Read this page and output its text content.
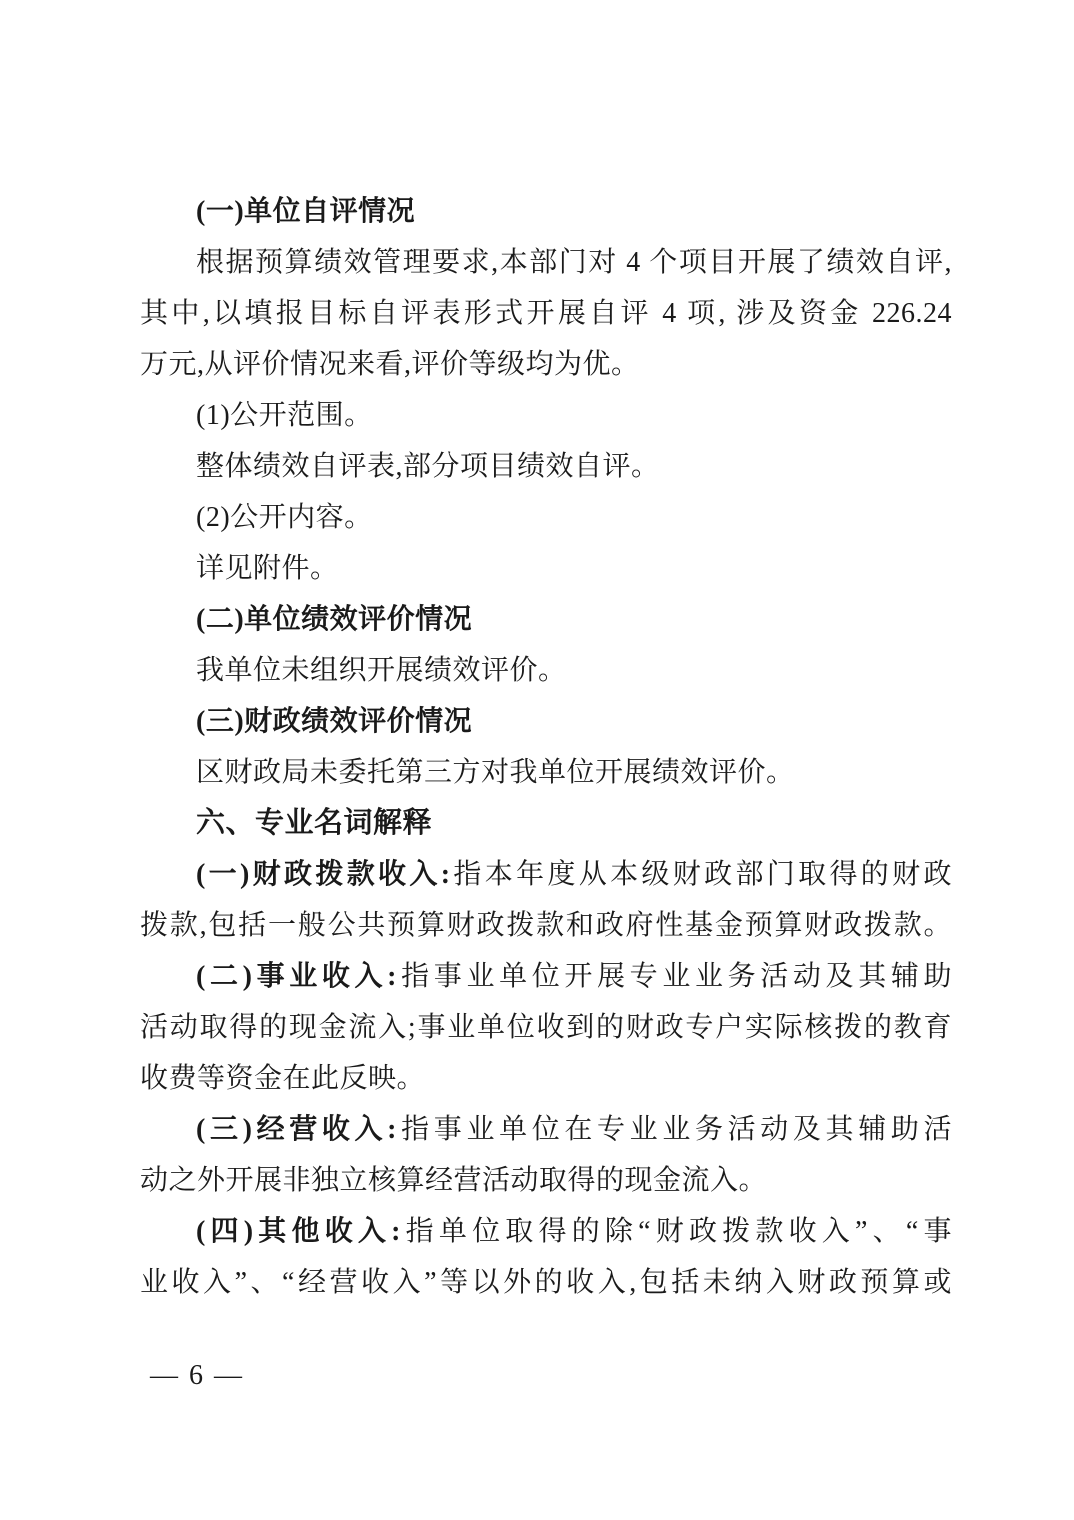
(一)单位自评情况
根据预算绩效管理要求,本部门对 4 个项目开展了绩效自评,
其中,以填报目标自评表形式开展自评 4 项, 涉及资金 226.24
万元,从评价情况来看,评价等级均为优。
(1)公开范围。
整体绩效自评表,部分项目绩效自评。
(2)公开内容。
详见附件。
(二)单位绩效评价情况
我单位未组织开展绩效评价。
(三)财政绩效评价情况
区财政局未委托第三方对我单位开展绩效评价。
六、专业名词解释
(一)财政拨款收入:指本年度从本级财政部门取得的财政
拨款,包括一般公共预算财政拨款和政府性基金预算财政拨款。
(二)事业收入:指事业单位开展专业业务活动及其辅助
活动取得的现金流入;事业单位收到的财政专户实际核拨的教育
收费等资金在此反映。
(三)经营收入:指事业单位在专业业务活动及其辅助活
动之外开展非独立核算经营活动取得的现金流入。
(四)其他收入:指单位取得的除“财政拨款收入”、“事
业收入”、“经营收入”等以外的收入,包括未纳入财政预算或
— 6 —
